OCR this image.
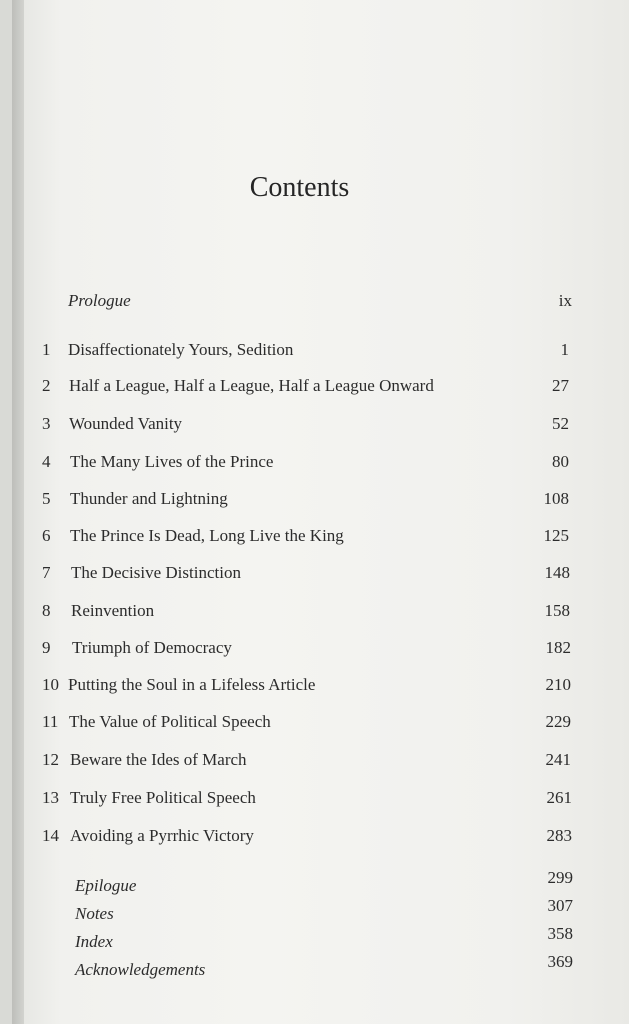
Contents
Prologue	ix
1	Disaffectionately Yours, Sedition	1
2	Half a League, Half a League, Half a League Onward	27
3	Wounded Vanity	52
4	The Many Lives of the Prince	80
5	Thunder and Lightning	108
6	The Prince Is Dead, Long Live the King	125
7	The Decisive Distinction	148
8	Reinvention	158
9	Triumph of Democracy	182
10 Putting the Soul in a Lifeless Article	210
11 The Value of Political Speech	229
12 Beware the Ides of March	241
13 Truly Free Political Speech	261
14 Avoiding a Pyrrhic Victory	283
Epilogue	299
Notes	307
Index	358
Acknowledgements	369
